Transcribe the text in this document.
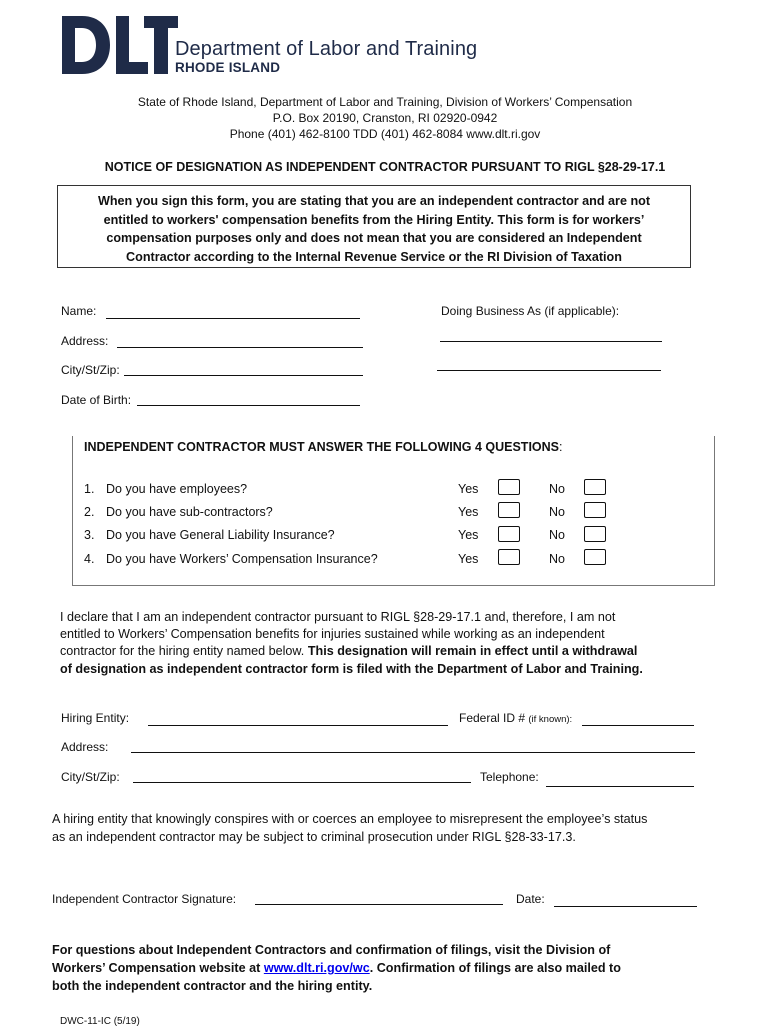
Department of Labor and Training
RHODE ISLAND
State of Rhode Island, Department of Labor and Training, Division of Workers’ Compensation
P.O. Box 20190, Cranston, RI 02920-0942
Phone (401) 462-8100 TDD (401) 462-8084 www.dlt.ri.gov
NOTICE OF DESIGNATION AS INDEPENDENT CONTRACTOR PURSUANT TO RIGL §28-29-17.1
When you sign this form, you are stating that you are an independent contractor and are not
entitled to workers' compensation benefits from the Hiring Entity. This form is for workers’
compensation purposes only and does not mean that you are considered an Independent
Contractor according to the Internal Revenue Service or the RI Division of Taxation
Name:	Doing Business As (if applicable):
Address:
City/St/Zip:
Date of Birth:
INDEPENDENT CONTRACTOR MUST ANSWER THE FOLLOWING 4 QUESTIONS:
1. Do you have employees?	Yes	No
2. Do you have sub-contractors?	Yes	No
3. Do you have General Liability Insurance?	Yes	No
4. Do you have Workers’ Compensation Insurance?	Yes	No
I declare that I am an independent contractor pursuant to RIGL §28-29-17.1 and, therefore, I am not
entitled to Workers’ Compensation benefits for injuries sustained while working as an independent
contractor for the hiring entity named below. This designation will remain in effect until a withdrawal
of designation as independent contractor form is filed with the Department of Labor and Training.
Hiring Entity:	Federal ID # (if known):
Address:
City/St/Zip:	Telephone:
A hiring entity that knowingly conspires with or coerces an employee to misrepresent the employee’s status
as an independent contractor may be subject to criminal prosecution under RIGL §28-33-17.3.
Independent Contractor Signature:	Date:
For questions about Independent Contractors and confirmation of filings, visit the Division of
Workers’ Compensation website at www.dlt.ri.gov/wc. Confirmation of filings are also mailed to
both the independent contractor and the hiring entity.
DWC-11-IC (5/19)
